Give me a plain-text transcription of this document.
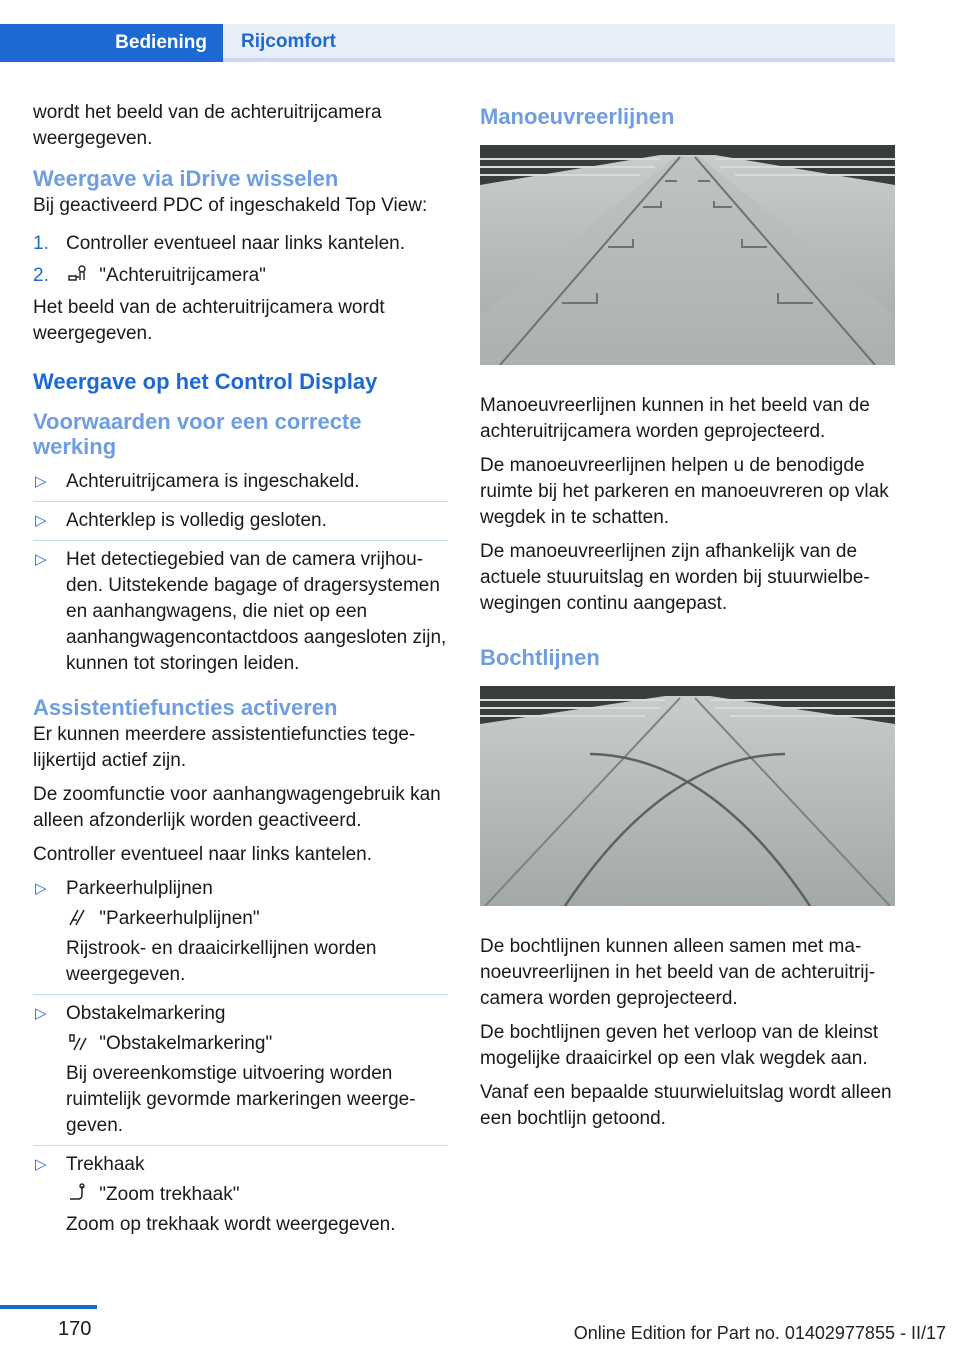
Bediening	Rijcomfort

wordt het beeld van de achteruitrijcamera weergegeven.

Weergave via iDrive wisselen

Bij geactiveerd PDC of ingeschakeld Top View:

1. Controller eventueel naar links kantelen.
2.	"Achteruitrijcamera"

Het beeld van de achteruitrijcamera wordt weergegeven.

Weergave op het Control Display
Voorwaarden voor een correcte werking
▷ Achteruitrijcamera is ingeschakeld.
▷ Achterklep is volledig gesloten.
▷ Het detectiegebied van de camera vrijhouden. Uitstekende bagage of dragersystemen en aanhangwagens, die niet op een aanhangwagencontactdoos aangesloten zijn, kunnen tot storingen leiden.
Assistentiefuncties activeren

Er kunnen meerdere assistentiefuncties tegelijkertijd actief zijn.

De zoomfunctie voor aanhangwagengebruik kan alleen afzonderlijk worden geactiveerd.

Controller eventueel naar links kantelen.

▷ Parkeerhulplijnen
"Parkeerhulplijnen"
Rijstrook- en draaicirkellijnen worden weergegeven.
▷ Obstakelmarkering
"Obstakelmarkering"
Bij overeenkomstige uitvoering worden ruimtelijk gevormde markeringen weergegeven.
▷ Trekhaak
"Zoom trekhaak"
Zoom op trekhaak wordt weergegeven.
Manoeuvreerlijnen

Manoeuvreerlijnen kunnen in het beeld van de achteruitrijcamera worden geprojecteerd.

De manoeuvreerlijnen helpen u de benodigde ruimte bij het parkeren en manoeuvreren op vlak wegdek in te schatten.

De manoeuvreerlijnen zijn afhankelijk van de actuele stuuruitslag en worden bij stuurwielbewegingen continu aangepast.

Bochtlijnen

De bochtlijnen kunnen alleen samen met manoeuvreerlijnen in het beeld van de achteruitrijcamera worden geprojecteerd.

De bochtlijnen geven het verloop van de kleinst mogelijke draaicirkel op een vlak wegdek aan.

Vanaf een bepaalde stuurwieluitslag wordt alleen een bochtlijn getoond.

170	Online Edition for Part no. 01402977855 - II/17
